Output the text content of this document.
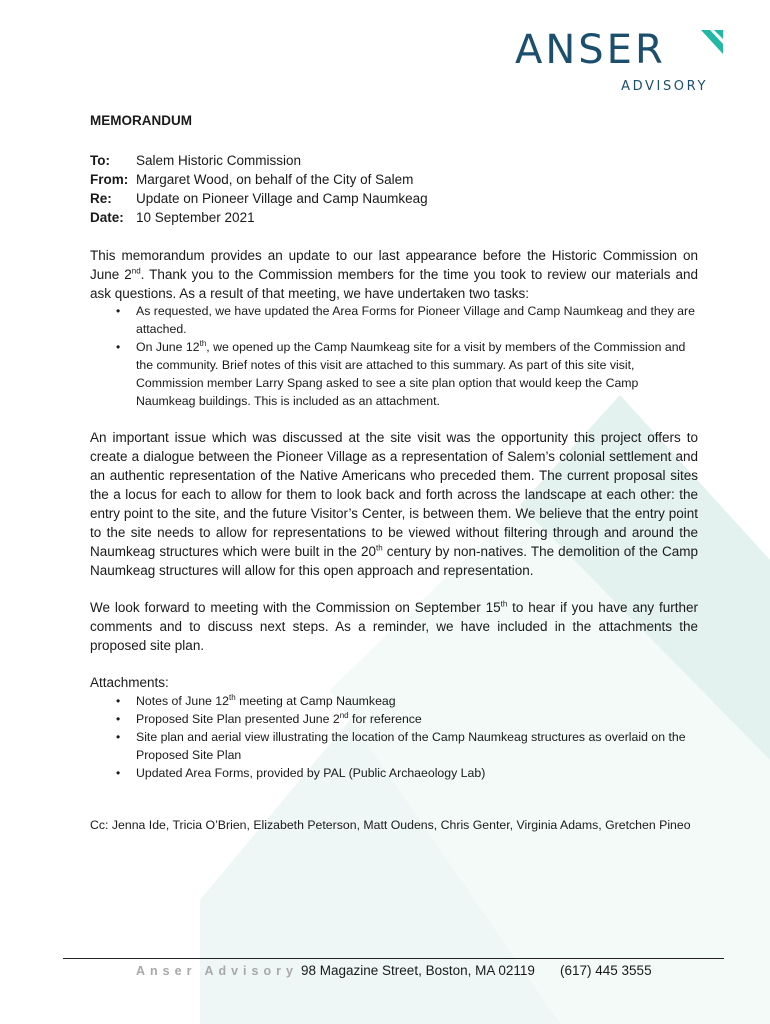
ANSER
ADVISORY
MEMORANDUM
To: Salem Historic Commission
From: Margaret Wood, on behalf of the City of Salem
Re: Update on Pioneer Village and Camp Naumkeag
Date: 10 September 2021

This memorandum provides an update to our last appearance before the Historic Commission on June 2nd. Thank you to the Commission members for the time you took to review our materials and ask questions. As a result of that meeting, we have undertaken two tasks:

• As requested, we have updated the Area Forms for Pioneer Village and Camp Naumkeag and they are attached.
• On June 12th, we opened up the Camp Naumkeag site for a visit by members of the Commission and the community. Brief notes of this visit are attached to this summary. As part of this site visit, Commission member Larry Spang asked to see a site plan option that would keep the Camp Naumkeag buildings. This is included as an attachment.

An important issue which was discussed at the site visit was the opportunity this project offers to create a dialogue between the Pioneer Village as a representation of Salem’s colonial settlement and an authentic representation of the Native Americans who preceded them. The current proposal sites the a locus for each to allow for them to look back and forth across the landscape at each other: the entry point to the site, and the future Visitor’s Center, is between them. We believe that the entry point to the site needs to allow for representations to be viewed without filtering through and around the Naumkeag structures which were built in the 20th century by non-natives. The demolition of the Camp Naumkeag structures will allow for this open approach and representation.

We look forward to meeting with the Commission on September 15th to hear if you have any further comments and to discuss next steps. As a reminder, we have included in the attachments the proposed site plan.

Attachments:
• Notes of June 12th meeting at Camp Naumkeag
• Proposed Site Plan presented June 2nd for reference
• Site plan and aerial view illustrating the location of the Camp Naumkeag structures as overlaid on the Proposed Site Plan
• Updated Area Forms, provided by PAL (Public Archaeology Lab)
Cc: Jenna Ide, Tricia O’Brien, Elizabeth Peterson, Matt Oudens, Chris Genter, Virginia Adams, Gretchen Pineo
Anser Advisory 98 Magazine Street, Boston, MA 02119 (617) 445 3555
